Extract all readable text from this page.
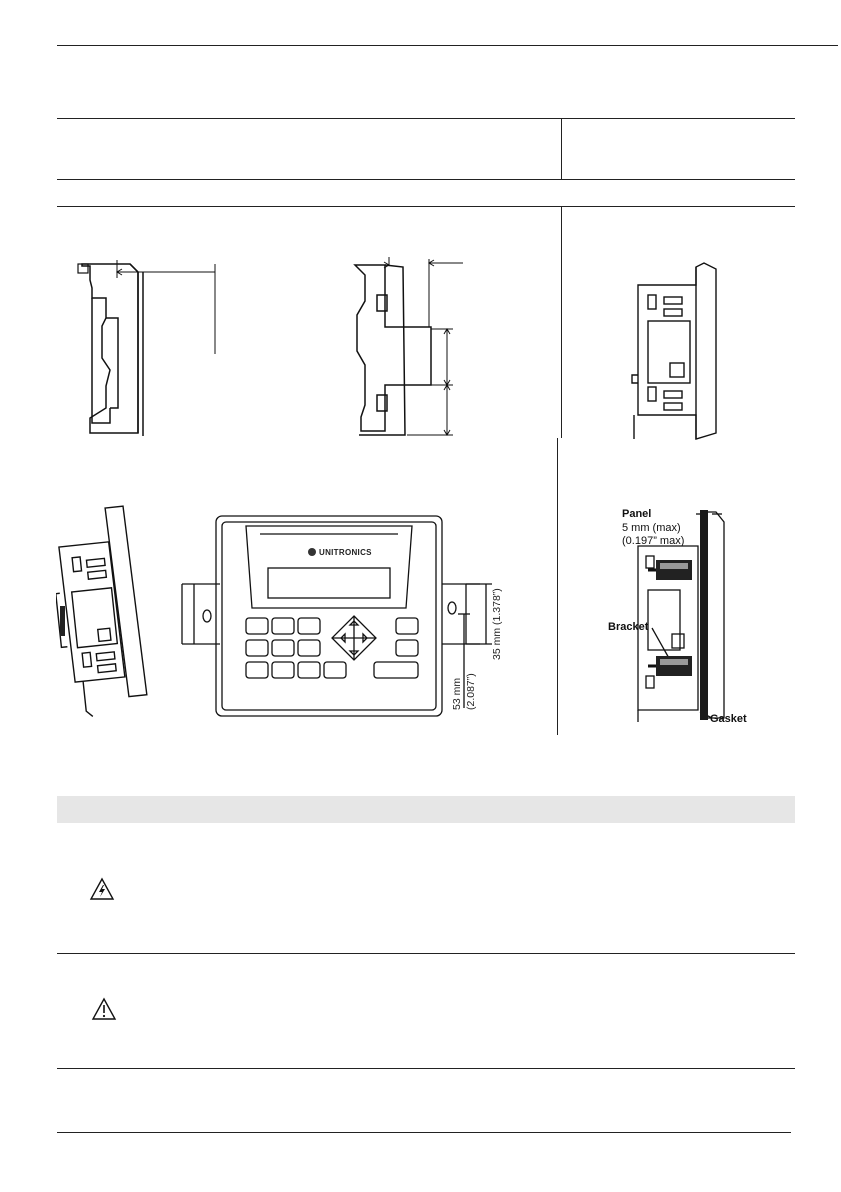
UNITRONICS
35 mm (1.378”)
53 mm (2.087”)
Panel
5 mm (max)
(0.197” max)
Bracket
Gasket
